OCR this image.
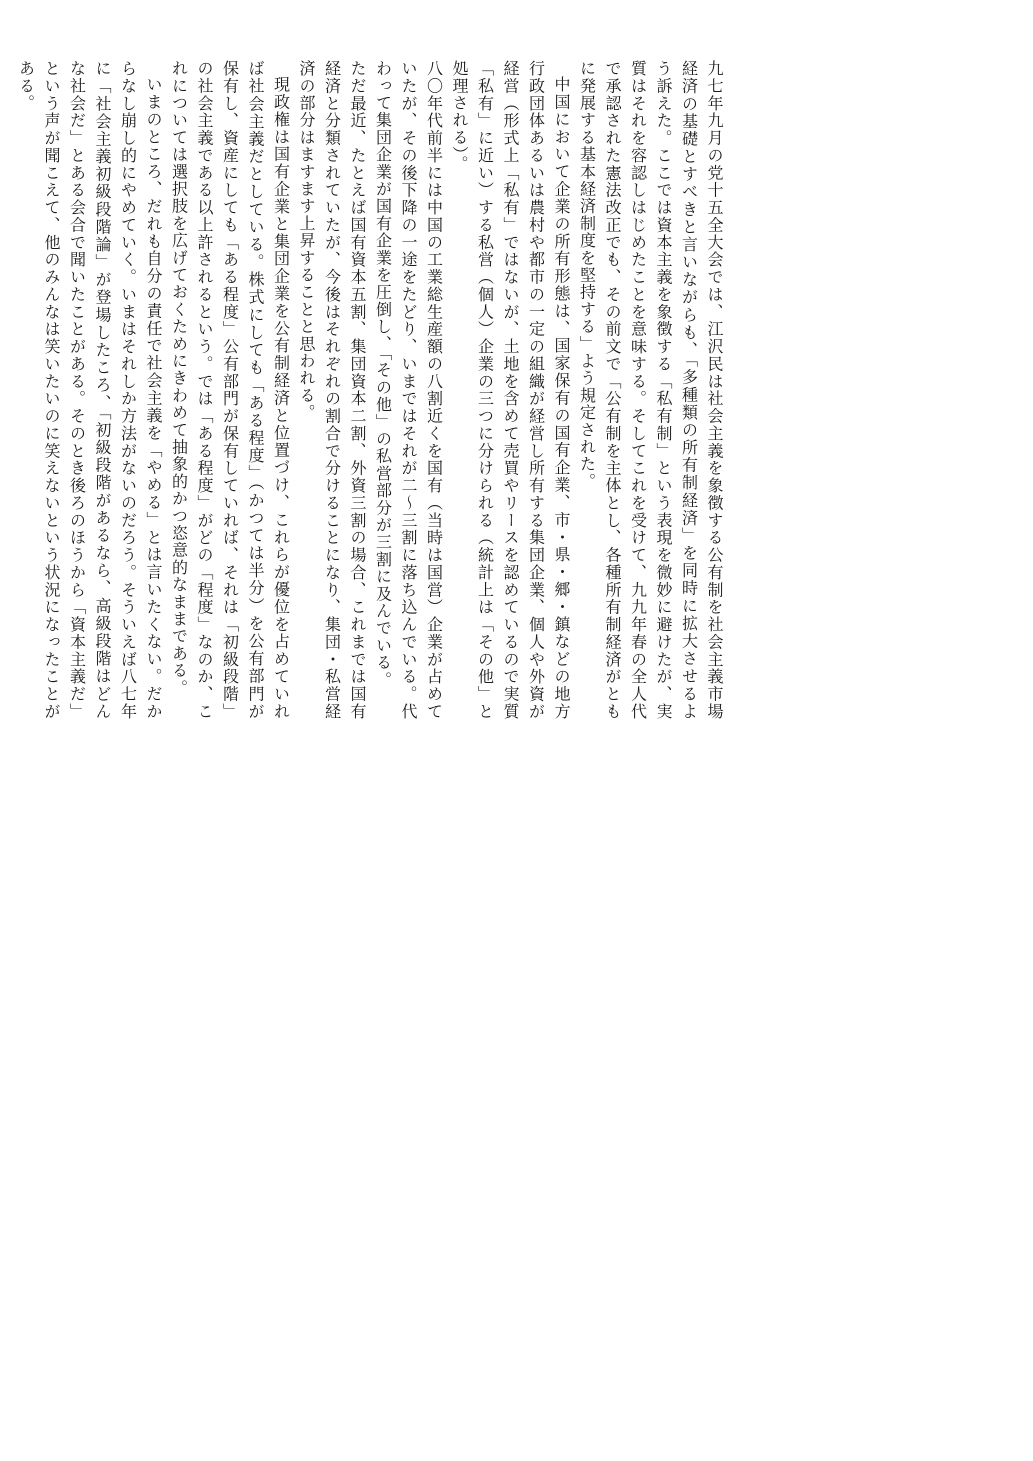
九七年九月の党十五全大会では、江沢民は社会主義を象徴する公有制を社会主義市場経済の基礎とすべきと言いながらも、「多種類の所有制経済」を同時に拡大させるよう訴えた。ここでは資本主義を象徴する「私有制」という表現を微妙に避けたが、実質はそれを容認しはじめたことを意味する。そしてこれを受けて、九九年春の全人代で承認された憲法改正でも、その前文で「公有制を主体とし、各種所有制経済がともに発展する基本経済制度を堅持する」よう規定された。

中国において企業の所有形態は、国家保有の国有企業、市・県・郷・鎮などの地方行政団体あるいは農村や都市の一定の組織が経営し所有する集団企業、個人や外資が経営（形式上「私有」ではないが、土地を含めて売買やリースを認めているので実質「私有」に近い）する私営（個人）企業の三つに分けられる（統計上は「その他」と処理される）。

八〇年代前半には中国の工業総生産額の八割近くを国有（当時は国営）企業が占めていたが、その後下降の一途をたどり、いまではそれが二～三割に落ち込んでいる。代わって集団企業が国有企業を圧倒し、「その他」の私営部分が三割に及んでいる。

ただ最近、たとえば国有資本五割、集団資本二割、外資三割の場合、これまでは国有経済と分類されていたが、今後はそれぞれの割合で分けることになり、集団・私営経済の部分はますます上昇することと思われる。

現政権は国有企業と集団企業を公有制経済と位置づけ、これらが優位を占めていれば社会主義だとしている。株式にしても「ある程度」（かつては半分）を公有部門が保有し、資産にしても「ある程度」公有部門が保有していれば、それは「初級段階」の社会主義である以上許されるという。では「ある程度」がどの「程度」なのか、これについては選択肢を広げておくためにきわめて抽象的かつ恣意的なままである。

いまのところ、だれも自分の責任で社会主義を「やめる」とは言いたくない。だからなし崩し的にやめていく。いまはそれしか方法がないのだろう。そういえば八七年に「社会主義初級段階論」が登場したころ、「初級段階があるなら、高級段階はどんな社会だ」とある会合で聞いたことがある。そのとき後ろのほうから「資本主義だ」という声が聞こえて、他のみんなは笑いたいのに笑えないという状況になったことがある。
